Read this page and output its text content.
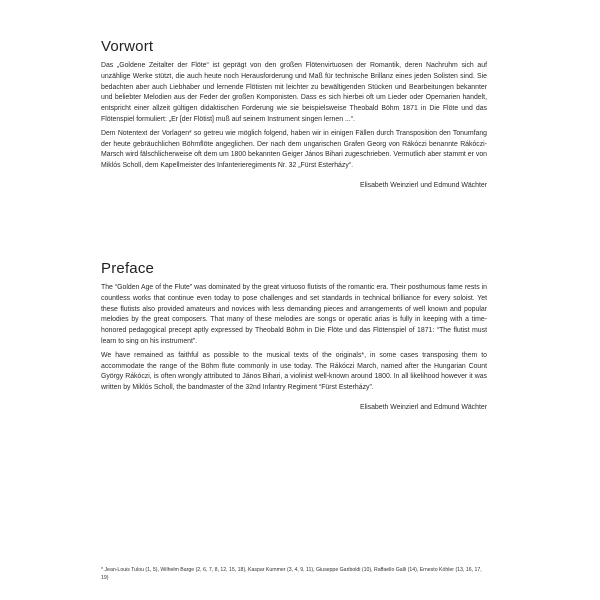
Vorwort

Das „Goldene Zeitalter der Flöte“ ist geprägt von den großen Flötenvirtuosen der Romantik, deren Nachruhm sich auf unzählige Werke stützt, die auch heute noch Herausforderung und Maß für technische Brillanz eines jeden Solisten sind. Sie bedachten aber auch Liebhaber und lernende Flötisten mit leichter zu bewältigenden Stücken und Bearbeitungen bekannter und beliebter Melodien aus der Feder der großen Komponisten. Dass es sich hierbei oft um Lieder oder Opernarien handelt, entspricht einer allzeit gültigen didaktischen Forderung wie sie beispielsweise Theobald Böhm 1871 in Die Flöte und das Flötenspiel formuliert: „Er [der Flötist] muß auf seinem Instrument singen lernen ...“.

Dem Notentext der Vorlagen* so getreu wie möglich folgend, haben wir in einigen Fällen durch Transposition den Tonumfang der heute gebräuchlichen Böhmflöte angeglichen. Der nach dem ungarischen Grafen Georg von Rákóczi benannte Rákóczi-Marsch wird fälschlicherweise oft dem um 1800 bekannten Geiger János Bihari zugeschrieben. Vermutlich aber stammt er von Miklós Scholl, dem Kapellmeister des Infanterieregiments Nr. 32 „Fürst Esterházy“.

Elisabeth Weinzierl und Edmund Wächter
Preface

The “Golden Age of the Flute” was dominated by the great virtuoso flutists of the romantic era. Their posthumous fame rests in countless works that continue even today to pose challenges and set standards in technical brilliance for every soloist. Yet these flutists also provided amateurs and novices with less demanding pieces and arrangements of well known and popular melodies by the great composers. That many of these melodies are songs or operatic arias is fully in keeping with a time-honored pedagogical precept aptly expressed by Theobald Böhm in Die Flöte und das Flötenspiel of 1871: “The flutist must learn to sing on his instrument”.

We have remained as faithful as possible to the musical texts of the originals*, in some cases transposing them to accommodate the range of the Böhm flute commonly in use today. The Rákóczi March, named after the Hungarian Count György Rákóczi, is often wrongly attributed to János Bihari, a violinist well-known around 1800. In all likelihood however it was written by Miklós Scholl, the bandmaster of the 32nd Infantry Regiment “Fürst Esterházy”.

Elisabeth Weinzierl and Edmund Wächter
* Jean-Louis Tulou (1, 5), Wilhelm Barge (2, 6, 7, 8, 12, 15, 18), Kaspar Kummer (3, 4, 9, 11), Giuseppe Gariboldi (10), Raffaello Galli (14), Ernesto Köhler (13, 16, 17, 19)
